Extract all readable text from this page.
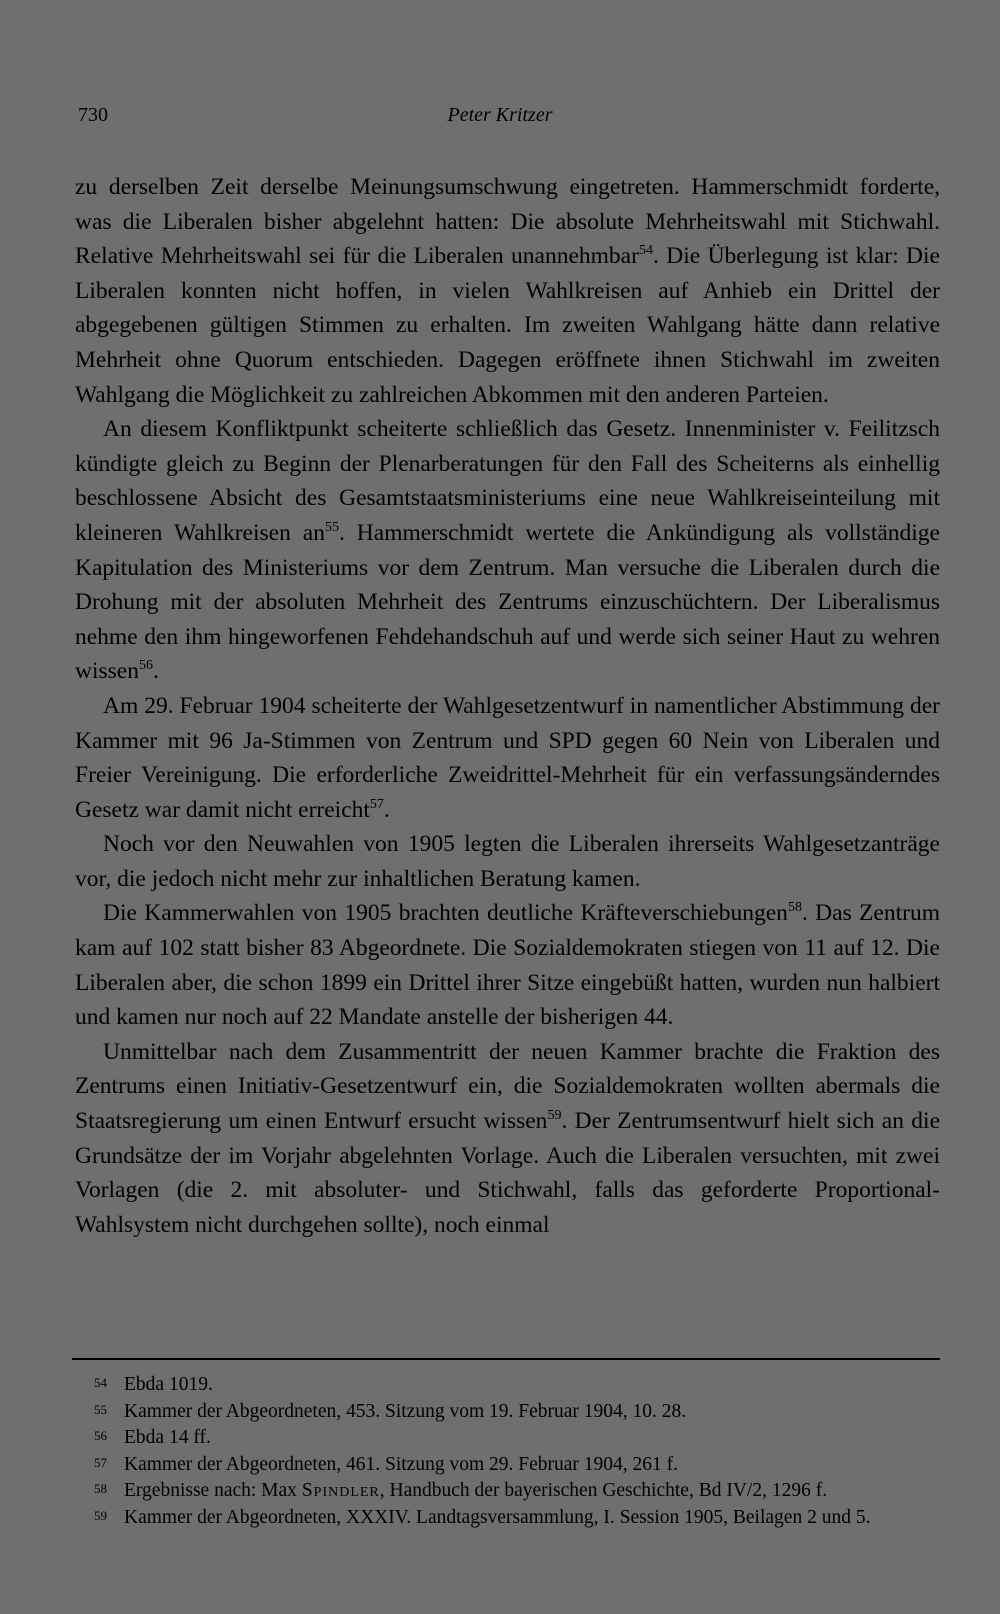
730	Peter Kritzer

zu derselben Zeit derselbe Meinungsumschwung eingetreten. Hammerschmidt forderte, was die Liberalen bisher abgelehnt hatten: Die absolute Mehrheitswahl mit Stichwahl. Relative Mehrheitswahl sei für die Liberalen unannehmbar$^{54}$. Die Überlegung ist klar: Die Liberalen konnten nicht hoffen, in vielen Wahlkreisen auf Anhieb ein Drittel der abgegebenen gültigen Stimmen zu erhalten. Im zweiten Wahlgang hätte dann relative Mehrheit ohne Quorum entschieden. Dagegen eröffnete ihnen Stichwahl im zweiten Wahlgang die Möglichkeit zu zahlreichen Abkommen mit den anderen Parteien.

An diesem Konfliktpunkt scheiterte schließlich das Gesetz. Innenminister v. Feilitzsch kündigte gleich zu Beginn der Plenarberatungen für den Fall des Scheiterns als einhellig beschlossene Absicht des Gesamtstaatsministeriums eine neue Wahlkreiseinteilung mit kleineren Wahlkreisen $an^{55}$. Hammerschmidt wertete die Ankündigung als vollständige Kapitulation des Ministeriums vor dem Zentrum. Man versuche die Liberalen durch die Drohung mit der absoluten Mehrheit des Zentrums einzuschüchtern. Der Liberalismus nehme den ihm hingeworfenen Fehdehandschuh auf und werde sich seiner Haut zu wehren wissen$^{56}$.

Am 29. Februar 1904 scheiterte der Wahlgesetzentwurf in namentlicher Abstimmung der Kammer mit 96 Ja-Stimmen von Zentrum und SPD gegen 60 Nein von Liberalen und Freier Vereinigung. Die erforderliche Zweidrittel-Mehrheit für ein verfassungsänderndes Gesetz war damit nicht erreicht$^{57}$.

Noch vor den Neuwahlen von 1905 legten die Liberalen ihrerseits Wahlgesetzanträge vor, die jedoch nicht mehr zur inhaltlichen Beratung kamen.

Die Kammerwahlen von 1905 brachten deutliche Kräfteverschiebungen$^{58}$. Das Zentrum kam auf 102 statt bisher 83 Abgeordnete. Die Sozialdemokraten stiegen von 11 auf 12. Die Liberalen aber, die schon 1899 ein Drittel ihrer Sitze eingebüßt hatten, wurden nun halbiert und kamen nur noch auf 22 Mandate anstelle der bisherigen 44.

Unmittelbar nach dem Zusammentritt der neuen Kammer brachte die Fraktion des Zentrums einen Initiativ-Gesetzentwurf ein, die Sozialdemokraten wollten abermals die Staatsregierung um einen Entwurf ersucht wissen$^{59}$. Der Zentrumsentwurf hielt sich an die Grundsätze der im Vorjahr abgelehnten Vorlage. Auch die Liberalen versuchten, mit zwei Vorlagen (die 2. mit absoluter- und Stichwahl, falls das geforderte Proportional-Wahlsystem nicht durchgehen sollte), noch einmal

54 Ebda 1019.
55 Kammer der Abgeordneten, 453. Sitzung vom 19. Februar 1904, 10. 28.
56 Ebda 14 ff.
57 Kammer der Abgeordneten, 461. Sitzung vom 29. Februar 1904, 261 f.
58 Ergebnisse nach: Max Spindler, Handbuch der bayerischen Geschichte, Bd IV/2, 1296 f.
59 Kammer der Abgeordneten, XXXIV. Landtagsversammlung, I. Session 1905, Beilagen 2 und 5.
